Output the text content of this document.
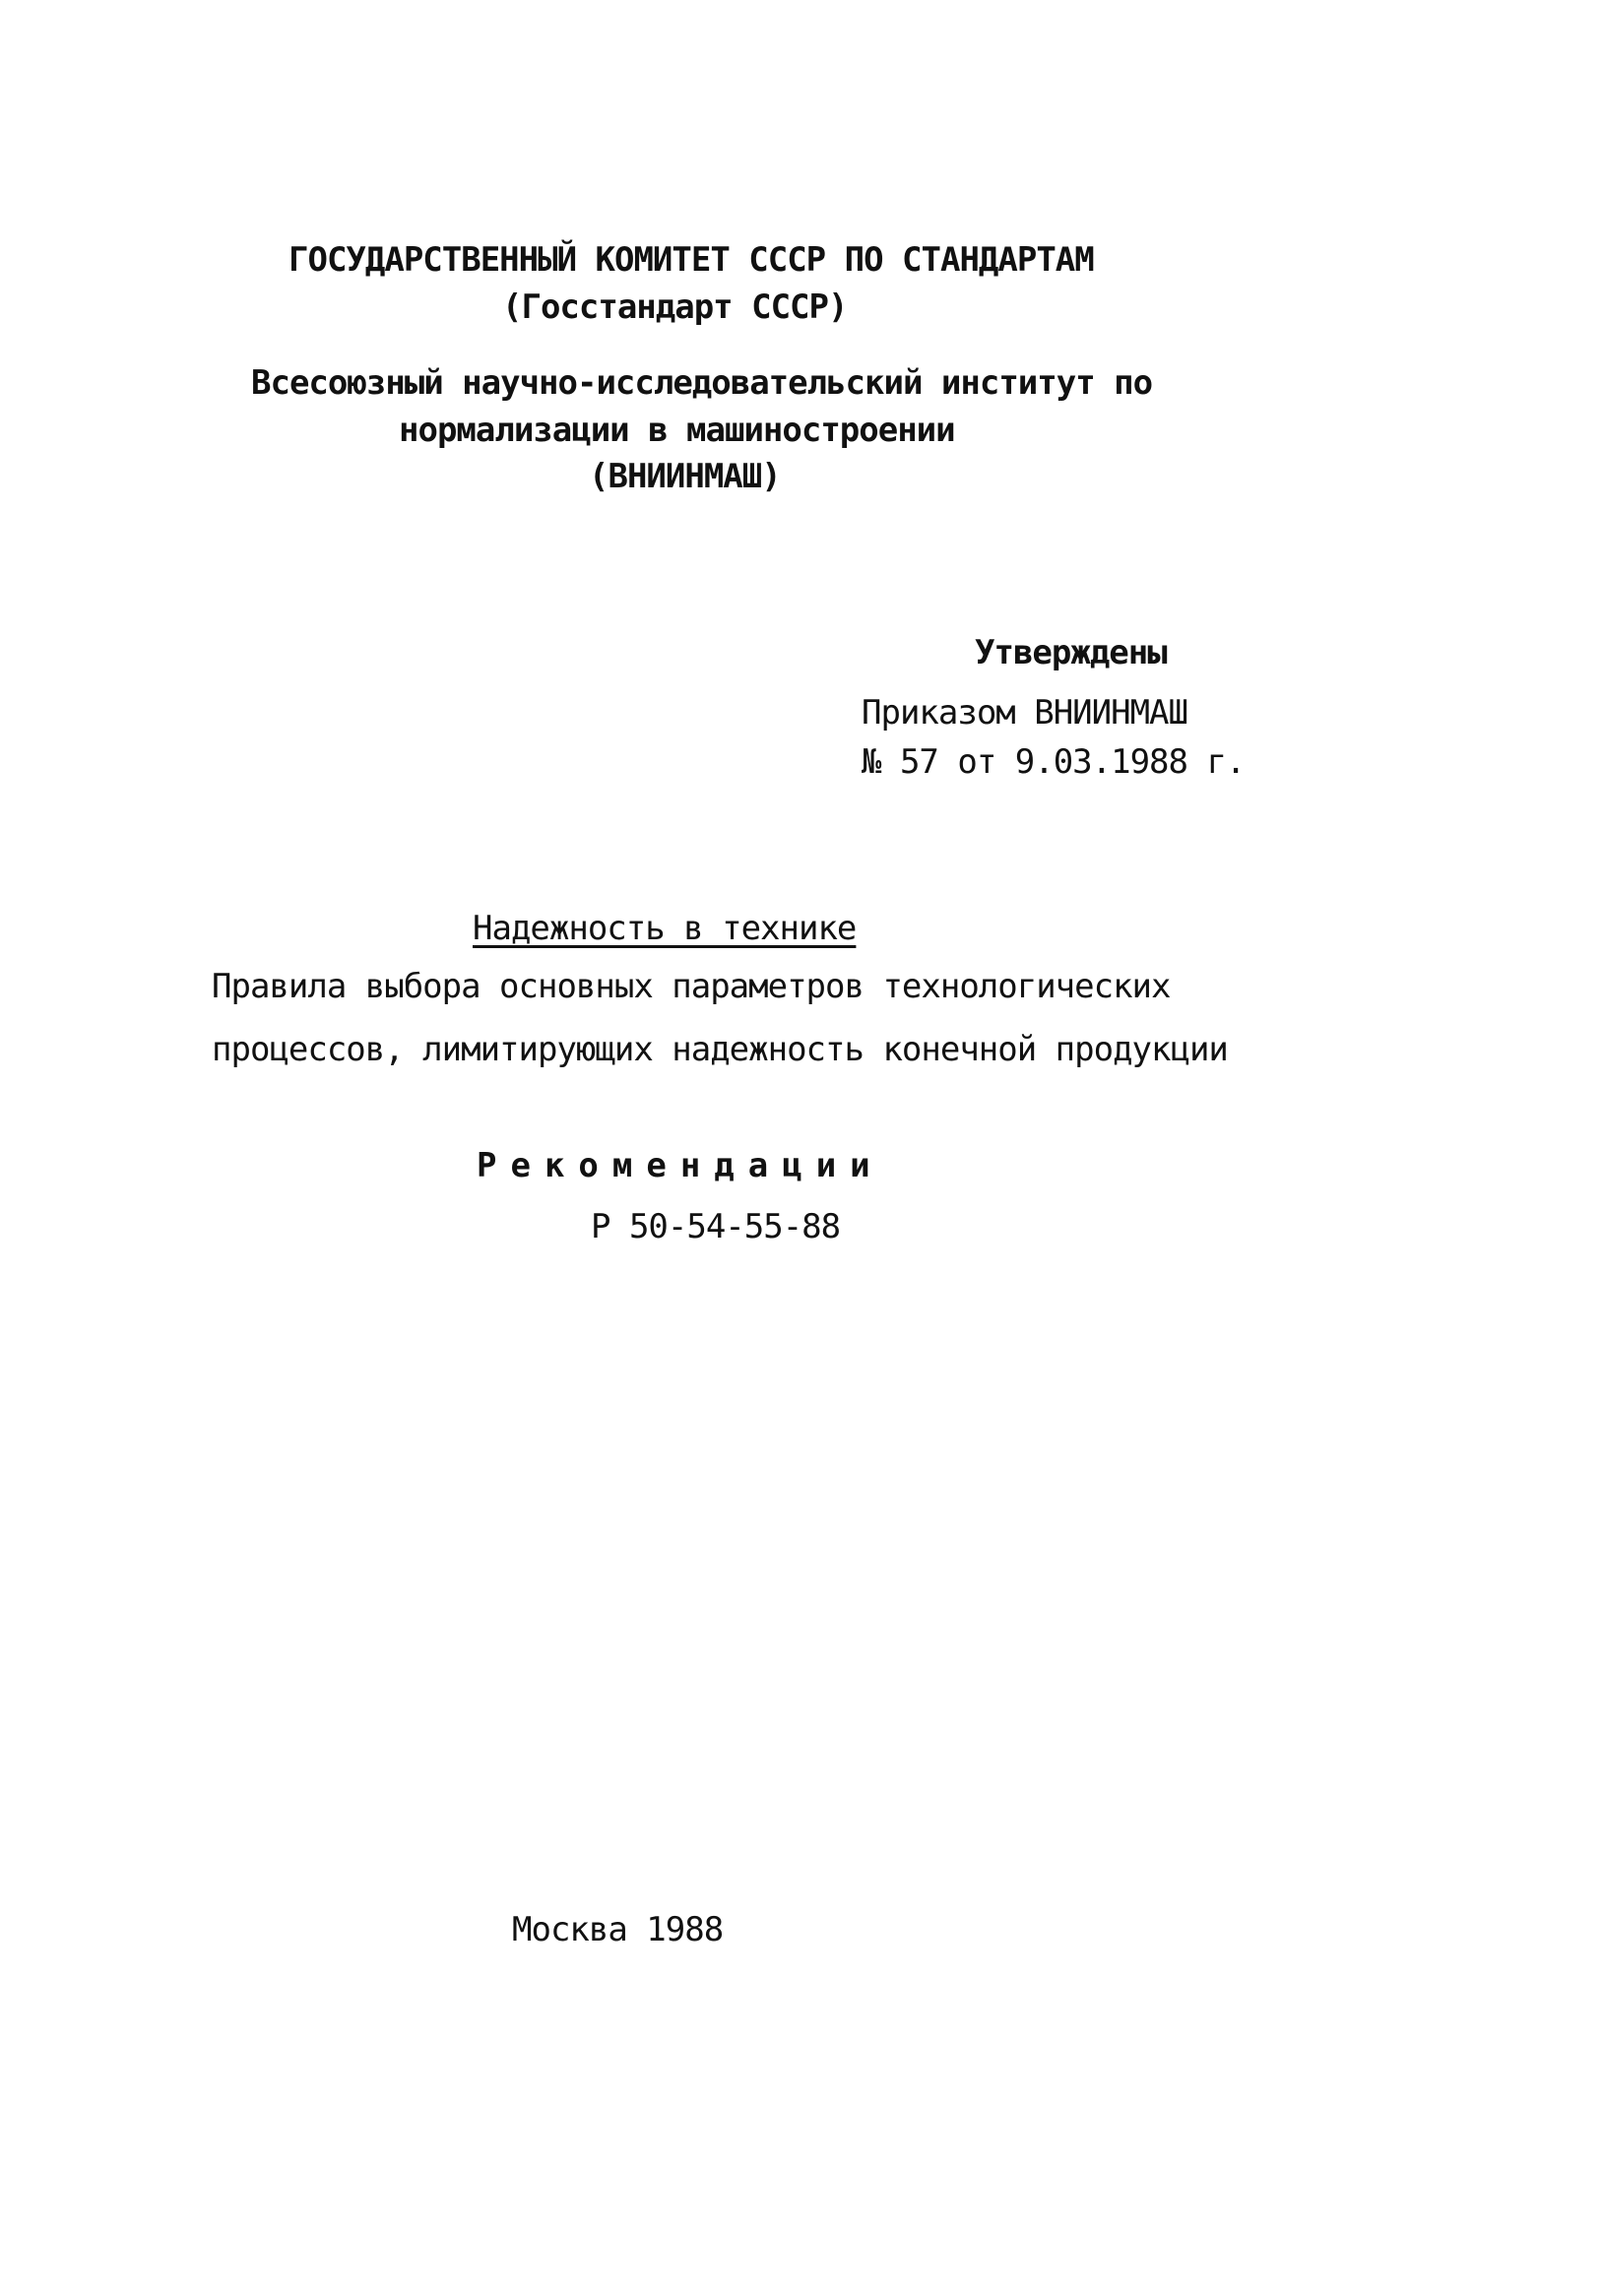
ГОСУДАРСТВЕННЫЙ КОМИТЕТ СССР ПО СТАНДАРТАМ
(Госстандарт СССР)
Всесоюзный научно-исследовательский институт по
нормализации в машиностроении
(ВНИИНМАШ)
Утверждены
Приказом ВНИИНМАШ
№ 57 от 9.03.1988 г.
Надежность в технике
Правила выбора основных параметров технологических
процессов, лимитирующих надежность конечной продукции
Рекомендации
Р 50-54-55-88
Москва 1988
